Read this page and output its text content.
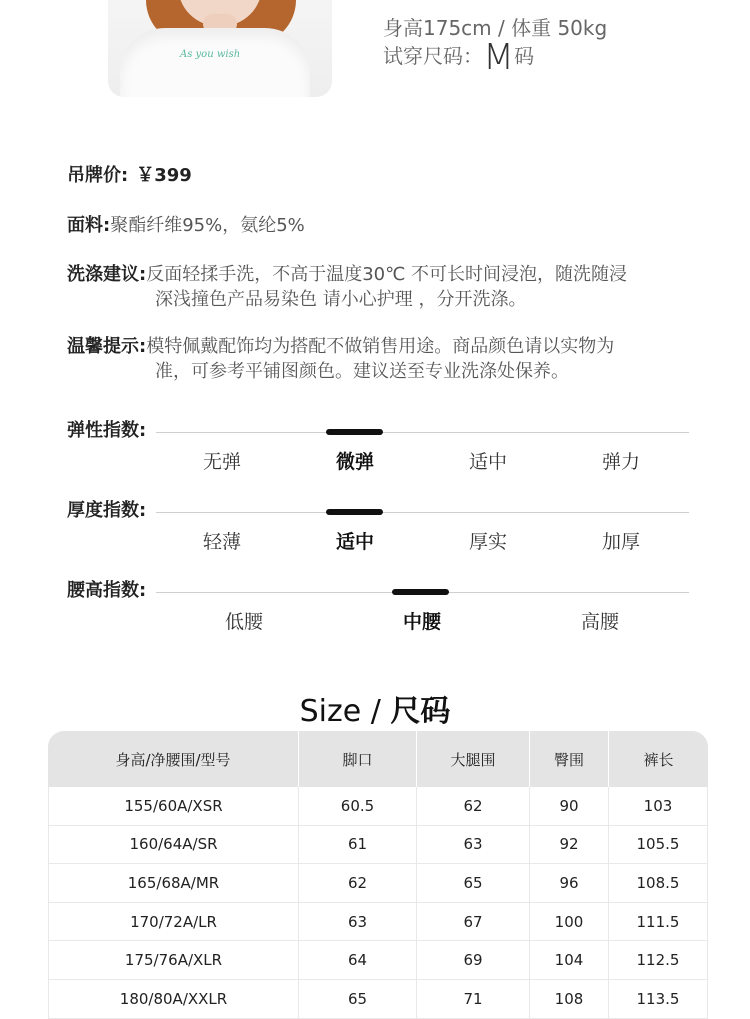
As you wish
身高175cm / 体重 50kg
试穿尺码：M码
吊牌价: ￥399
面料:聚酯纤维95%，氨纶5%
洗涤建议:反面轻揉手洗，不高于温度30℃ 不可长时间浸泡，随洗随浸
深浅撞色产品易染色 请小心护理 ，分开洗涤。
温馨提示:模特佩戴配饰均为搭配不做销售用途。商品颜色请以实物为
准，可参考平铺图颜色。建议送至专业洗涤处保养。
弹性指数:
无弹	微弹	适中	弹力
厚度指数:
轻薄	适中	厚实	加厚
腰高指数:
低腰	中腰	高腰
Size / 尺码
身高/净腰围/型号	脚口	大腿围	臀围	裤长
155/60A/XSR	60.5	62	90	103
160/64A/SR	61	63	92	105.5
165/68A/MR	62	65	96	108.5
170/72A/LR	63	67	100	111.5
175/76A/XLR	64	69	104	112.5
180/80A/XXLR	65	71	108	113.5
